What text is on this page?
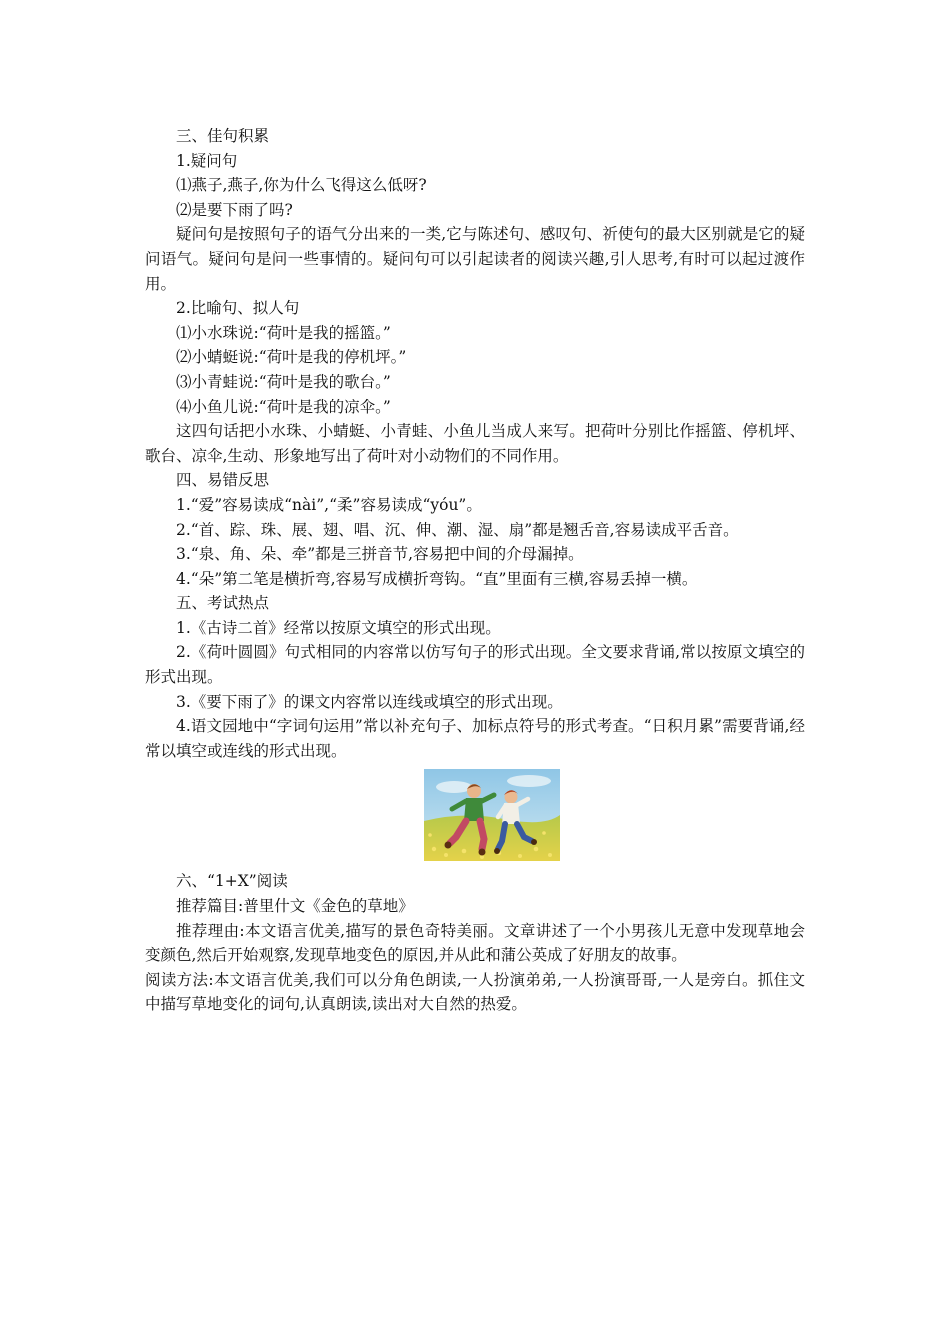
三、佳句积累
1.疑问句
⑴燕子,燕子,你为什么飞得这么低呀?
⑵是要下雨了吗?

疑问句是按照句子的语气分出来的一类,它与陈述句、感叹句、祈使句的最大区别就是它的疑问语气。疑问句是问一些事情的。疑问句可以引起读者的阅读兴趣,引人思考,有时可以起过渡作用。

2.比喻句、拟人句
⑴小水珠说:“荷叶是我的摇篮。”
⑵小蜻蜓说:“荷叶是我的停机坪。”
⑶小青蛙说:“荷叶是我的歌台。”
⑷小鱼儿说:“荷叶是我的凉伞。”

这四句话把小水珠、小蜻蜓、小青蛙、小鱼儿当成人来写。把荷叶分别比作摇篮、停机坪、歌台、凉伞,生动、形象地写出了荷叶对小动物们的不同作用。

四、易错反思
1.“爱”容易读成“nài”,“柔”容易读成“yóu”。
2.“首、踪、珠、展、翅、唱、沉、伸、潮、湿、扇”都是翘舌音,容易读成平舌音。
3.“泉、角、朵、牵”都是三拼音节,容易把中间的介母漏掉。
4.“朵”第二笔是横折弯,容易写成横折弯钩。“直”里面有三横,容易丢掉一横。
五、考试热点
1.《古诗二首》经常以按原文填空的形式出现。

2.《荷叶圆圆》句式相同的内容常以仿写句子的形式出现。全文要求背诵,常以按原文填空的形式出现。

3.《要下雨了》的课文内容常以连线或填空的形式出现。

4.语文园地中“字词句运用”常以补充句子、加标点符号的形式考查。“日积月累”需要背诵,经常以填空或连线的形式出现。

六、“1+X”阅读
推荐篇目:普里什文《金色的草地》

推荐理由:本文语言优美,描写的景色奇特美丽。文章讲述了一个小男孩儿无意中发现草地会变颜色,然后开始观察,发现草地变色的原因,并从此和蒲公英成了好朋友的故事。

阅读方法:本文语言优美,我们可以分角色朗读,一人扮演弟弟,一人扮演哥哥,一人是旁白。抓住文中描写草地变化的词句,认真朗读,读出对大自然的热爱。
